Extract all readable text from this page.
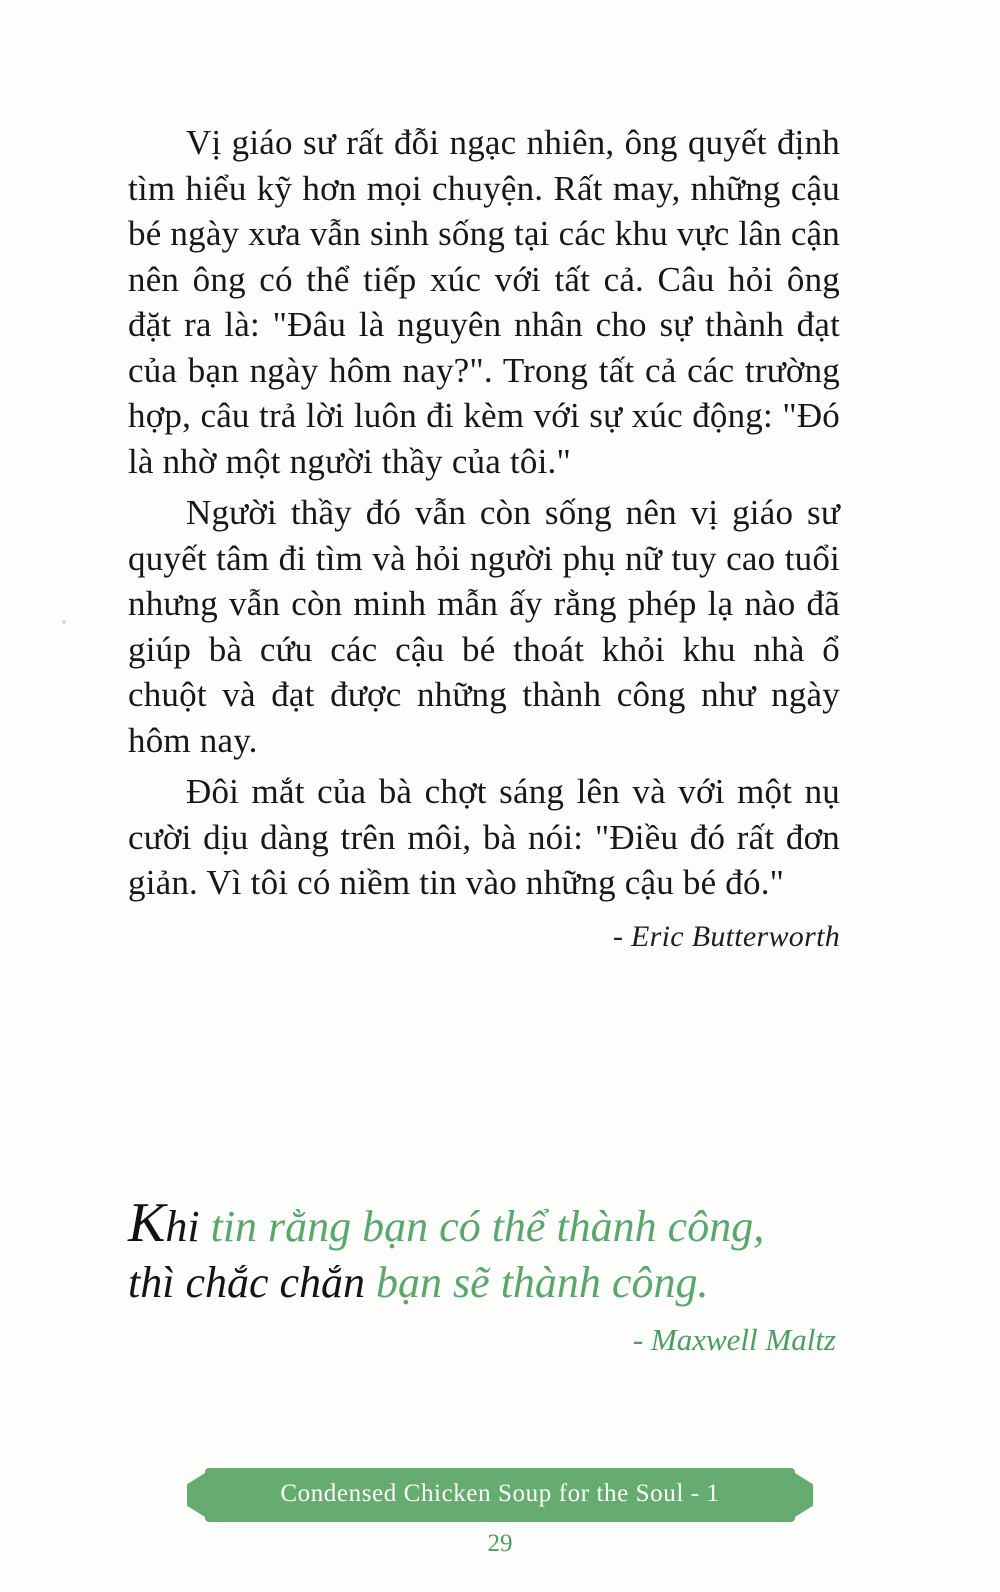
Vị giáo sư rất đỗi ngạc nhiên, ông quyết định tìm hiểu kỹ hơn mọi chuyện. Rất may, những cậu bé ngày xưa vẫn sinh sống tại các khu vực lân cận nên ông có thể tiếp xúc với tất cả. Câu hỏi ông đặt ra là: "Đâu là nguyên nhân cho sự thành đạt của bạn ngày hôm nay?". Trong tất cả các trường hợp, câu trả lời luôn đi kèm với sự xúc động: "Đó là nhờ một người thầy của tôi."

Người thầy đó vẫn còn sống nên vị giáo sư quyết tâm đi tìm và hỏi người phụ nữ tuy cao tuổi nhưng vẫn còn minh mẫn ấy rằng phép lạ nào đã giúp bà cứu các cậu bé thoát khỏi khu nhà ổ chuột và đạt được những thành công như ngày hôm nay.

Đôi mắt của bà chợt sáng lên và với một nụ cười dịu dàng trên môi, bà nói: "Điều đó rất đơn giản. Vì tôi có niềm tin vào những cậu bé đó."

- Eric Butterworth
Khi tin rằng bạn có thể thành công,
thì chắc chắn bạn sẽ thành công.
- Maxwell Maltz
Condensed Chicken Soup for the Soul - 1
29
